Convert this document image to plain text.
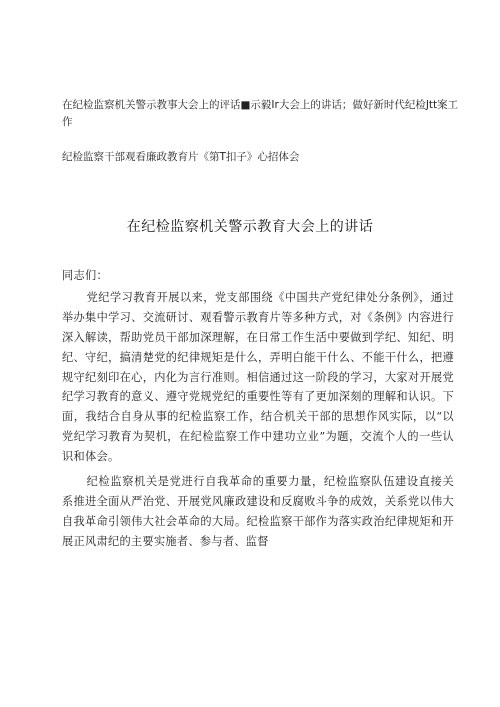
在纪检监察机关警示教事大会上的评话■示毅Ir大会上的讲话；做好新时代纪检Jtt案工作

纪检监察干部观看廉政教育片《第T扣子》心招体会

在纪检监察机关警示教育大会上的讲话

同志们：

党纪学习教育开展以来，党支部围绕《中国共产党纪律处分条例》，通过举办集中学习、交流研讨、观看警示教育片等多种方式，对《条例》内容进行深入解读，帮助党员干部加深理解，在日常工作生活中要做到学纪、知纪、明纪、守纪，搞清楚党的纪律规矩是什么，弄明白能干什么、不能干什么，把遵规守纪刻印在心，内化为言行准则。相信通过这一阶段的学习，大家对开展党纪学习教育的意义、遵守党规党纪的重要性等有了更加深刻的理解和认识。下面，我结合自身从事的纪检监察工作，结合机关干部的思想作风实际，以“以党纪学习教育为契机，在纪检监察工作中建功立业”为题，交流个人的一些认识和体会。

纪检监察机关是党进行自我革命的重要力量，纪检监察队伍建设直接关系推进全面从严治党、开展党风廉政建设和反腐败斗争的成效，关系党以伟大自我革命引领伟大社会革命的大局。纪检监察干部作为落实政治纪律规矩和开展正风肃纪的主要实施者、参与者、监督
